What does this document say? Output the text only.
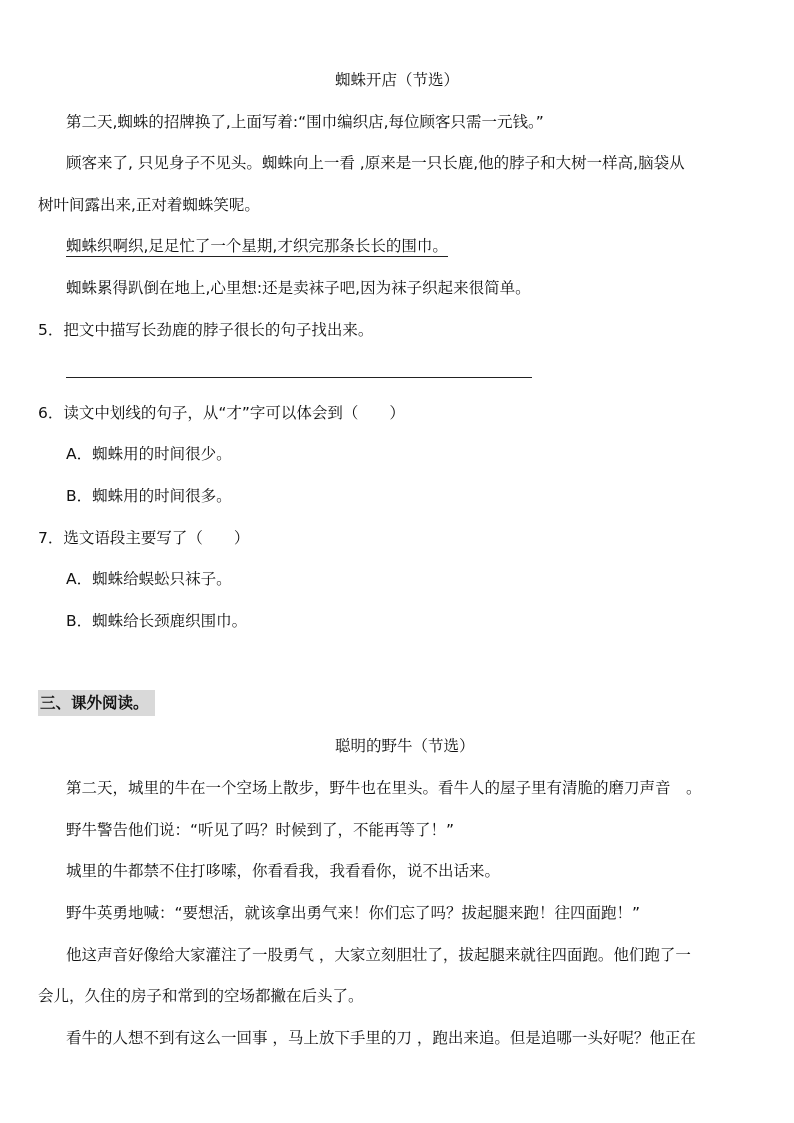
蜘蛛开店（节选）
第二天,蜘蛛的招牌换了,上面写着:“围巾编织店,每位顾客只需一元钱。”
顾客来了, 只见身子不见头。蜘蛛向上一看 ,原来是一只长鹿,他的脖子和大树一样高,脑袋从
树叶间露出来,正对着蜘蛛笑呢。
蜘蛛织啊织,足足忙了一个星期,才织完那条长长的围巾。
蜘蛛累得趴倒在地上,心里想:还是卖袜子吧,因为袜子织起来很简单。
5．把文中描写长劲鹿的脖子很长的句子找出来。
6．读文中划线的句子，从“才”字可以体会到（　　）
A．蜘蛛用的时间很少。
B．蜘蛛用的时间很多。
7．选文语段主要写了（　　）
A．蜘蛛给蜈蚣只袜子。
B．蜘蛛给长颈鹿织围巾。
三、课外阅读。
聪明的野牛（节选）
第二天，城里的牛在一个空场上散步，野牛也在里头。看牛人的屋子里有清脆的磨刀声音　。
野牛警告他们说：“听见了吗？时候到了，不能再等了！”
城里的牛都禁不住打哆嗦，你看看我，我看看你，说不出话来。
野牛英勇地喊：“要想活，就该拿出勇气来！你们忘了吗？拔起腿来跑！往四面跑！”
他这声音好像给大家灌注了一股勇气 ，大家立刻胆壮了，拔起腿来就往四面跑。他们跑了一
会儿，久住的房子和常到的空场都撇在后头了。
看牛的人想不到有这么一回事 ，马上放下手里的刀 ，跑出来追。但是追哪一头好呢？他正在
